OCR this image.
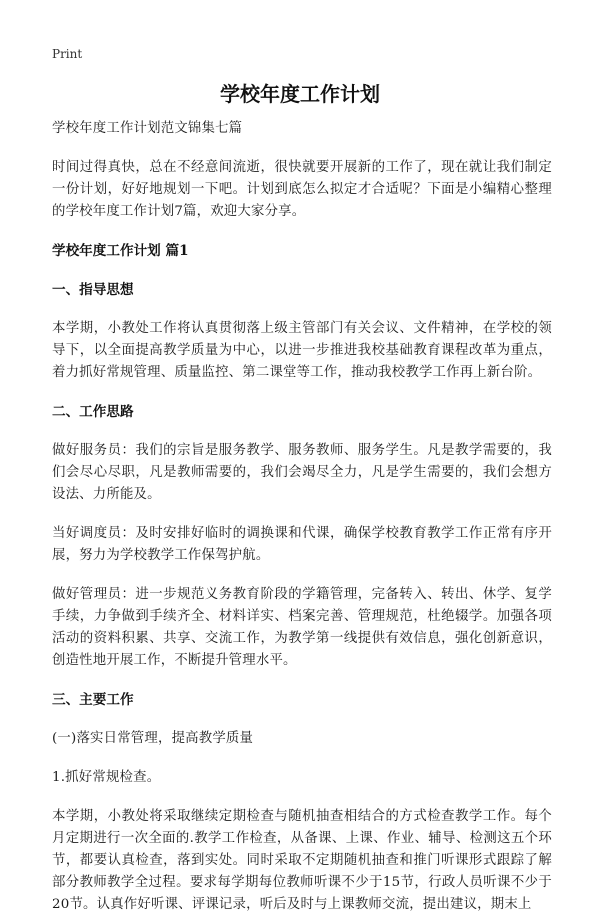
Print
学校年度工作计划

学校年度工作计划范文锦集七篇

时间过得真快，总在不经意间流逝，很快就要开展新的工作了，现在就让我们制定一份计划，好好地规划一下吧。计划到底怎么拟定才合适呢？下面是小编精心整理的学校年度工作计划7篇，欢迎大家分享。

学校年度工作计划 篇1
一、指导思想

本学期，小教处工作将认真贯彻落上级主管部门有关会议、文件精神，在学校的领导下，以全面提高教学质量为中心，以进一步推进我校基础教育课程改革为重点，着力抓好常规管理、质量监控、第二课堂等工作，推动我校教学工作再上新台阶。

二、工作思路

做好服务员：我们的宗旨是服务教学、服务教师、服务学生。凡是教学需要的，我们会尽心尽职，凡是教师需要的，我们会竭尽全力，凡是学生需要的，我们会想方设法、力所能及。

当好调度员：及时安排好临时的调换课和代课，确保学校教育教学工作正常有序开展，努力为学校教学工作保驾护航。

做好管理员：进一步规范义务教育阶段的学籍管理，完备转入、转出、休学、复学手续，力争做到手续齐全、材料详实、档案完善、管理规范，杜绝辍学。加强各项活动的资料积累、共享、交流工作，为教学第一线提供有效信息，强化创新意识，创造性地开展工作，不断提升管理水平。

三、主要工作

(一)落实日常管理，提高教学质量

1.抓好常规检查。

本学期，小教处将采取继续定期检查与随机抽查相结合的方式检查教学工作。每个月定期进行一次全面的.教学工作检查，从备课、上课、作业、辅导、检测这五个环节，都要认真检查，落到实处。同时采取不定期随机抽查和推门听课形式跟踪了解部分教师教学全过程。要求每学期每位教师听课不少于15节，行政人员听课不少于20节。认真作好听课、评课记录，听后及时与上课教师交流，提出建议，期末上
